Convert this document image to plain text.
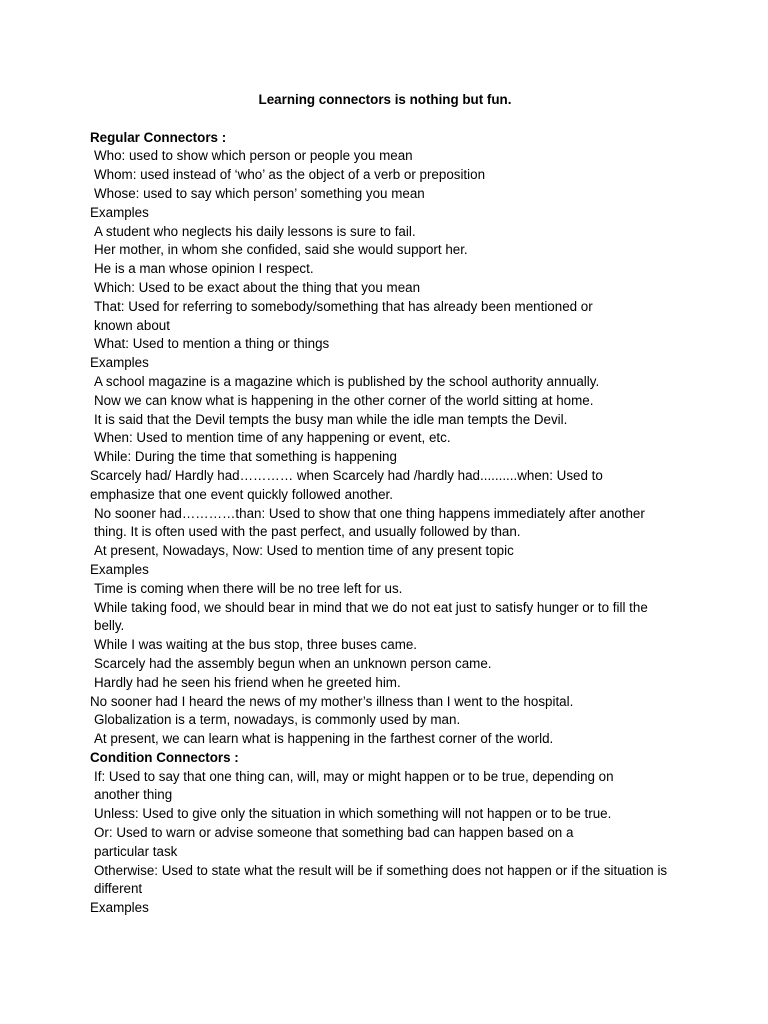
Learning connectors is nothing but fun.

Regular Connectors :

Who: used to show which person or people you mean

Whom: used instead of ‘who’ as the object of a verb or preposition

Whose: used to say which person’ something you mean

Examples

A student who neglects his daily lessons is sure to fail.

Her mother, in whom she confided, said she would support her.

He is a man whose opinion I respect.

Which: Used to be exact about the thing that you mean

That: Used for referring to somebody/something that has already been mentioned or known about

What: Used to mention a thing or things

Examples

A school magazine is a magazine which is published by the school authority annually.

Now we can know what is happening in the other corner of the world sitting at home.

It is said that the Devil tempts the busy man while the idle man tempts the Devil.

When: Used to mention time of any happening or event, etc.

While: During the time that something is happening

Scarcely had/ Hardly had………… when Scarcely had /hardly had..........when: Used to emphasize that one event quickly followed another.

No sooner had…………than: Used to show that one thing happens immediately after another thing. It is often used with the past perfect, and usually followed by than.

At present, Nowadays, Now: Used to mention time of any present topic

Examples

Time is coming when there will be no tree left for us.

While taking food, we should bear in mind that we do not eat just to satisfy hunger or to fill the belly.

While I was waiting at the bus stop, three buses came.

Scarcely had the assembly begun when an unknown person came.

Hardly had he seen his friend when he greeted him.

No sooner had I heard the news of my mother’s illness than I went to the hospital.

Globalization is a term, nowadays, is commonly used by man.

At present, we can learn what is happening in the farthest corner of the world.

Condition Connectors :

If: Used to say that one thing can, will, may or might happen or to be true, depending on another thing

Unless: Used to give only the situation in which something will not happen or to be true.

Or: Used to warn or advise someone that something bad can happen based on a particular task

Otherwise: Used to state what the result will be if something does not happen or if the situation is different

Examples
